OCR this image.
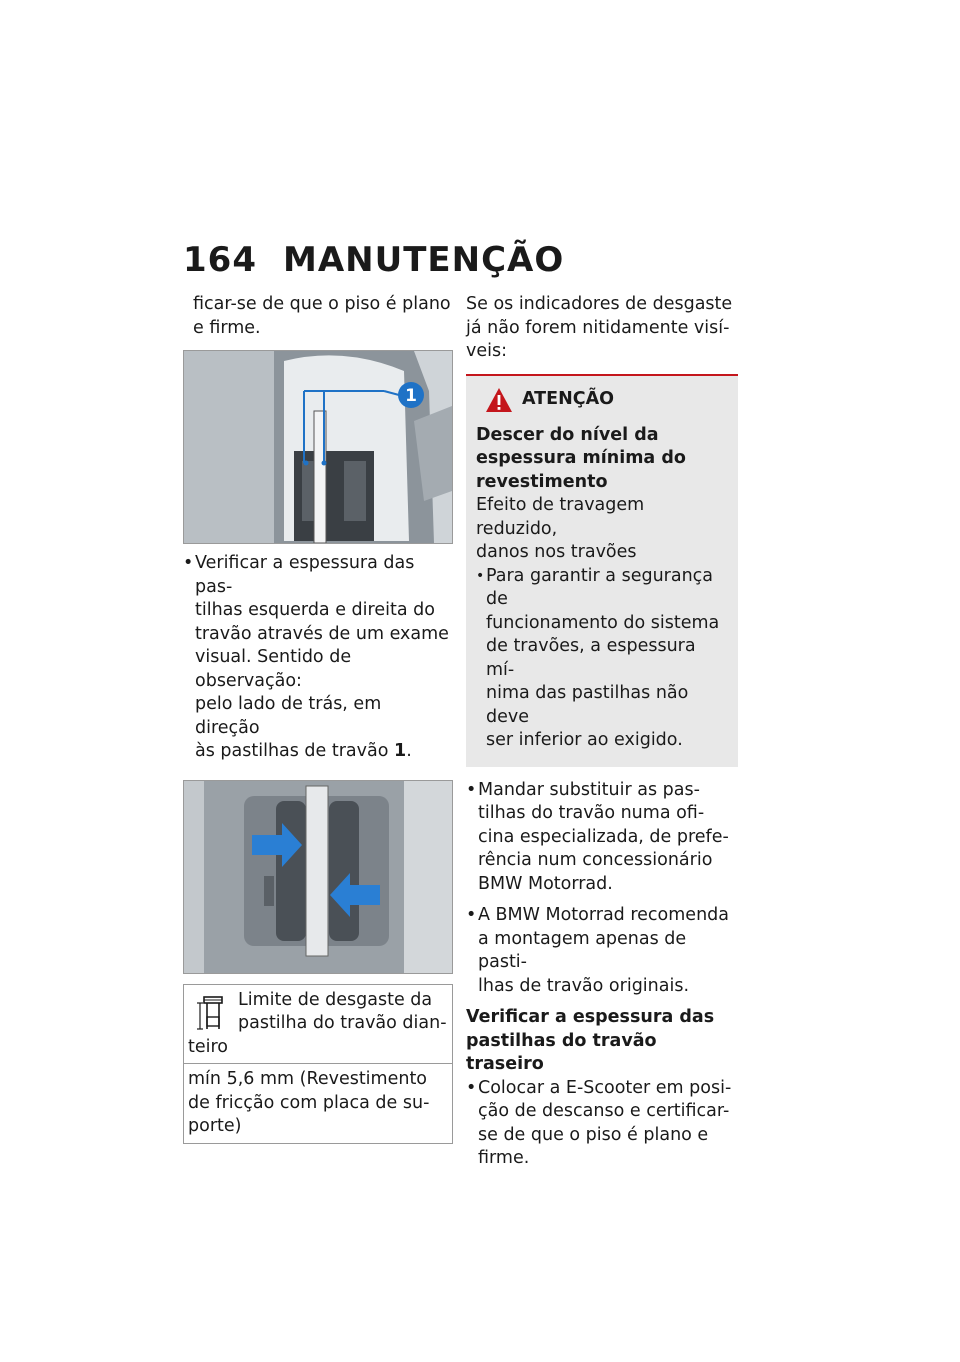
164 MANUTENÇÃO

ficar-se de que o piso é plano

e firme.

1

• Verificar a espessura das pas-

tilhas esquerda e direita do

travão através de um exame

visual. Sentido de observação:

pelo lado de trás, em direção

às pastilhas de travão 1.

Limite de desgaste da

pastilha do travão dian-

teiro

mín 5,6 mm (Revestimento

de fricção com placa de su-

porte)

Se os indicadores de desgaste

já não forem nitidamente visí-

veis:

ATENÇÃO

Descer do nível da

espessura mínima do

revestimento

Efeito de travagem reduzido,

danos nos travões

• Para garantir a segurança de

funcionamento do sistema

de travões, a espessura mí-

nima das pastilhas não deve

ser inferior ao exigido.

• Mandar substituir as pas-

tilhas do travão numa ofi-

cina especializada, de prefe-

rência num concessionário

BMW Motorrad.

• A BMW Motorrad recomenda

a montagem apenas de pasti-

lhas de travão originais.

Verificar a espessura das

pastilhas do travão traseiro

• Colocar a E-Scooter em posi-

ção de descanso e certificar-

se de que o piso é plano e

firme.
